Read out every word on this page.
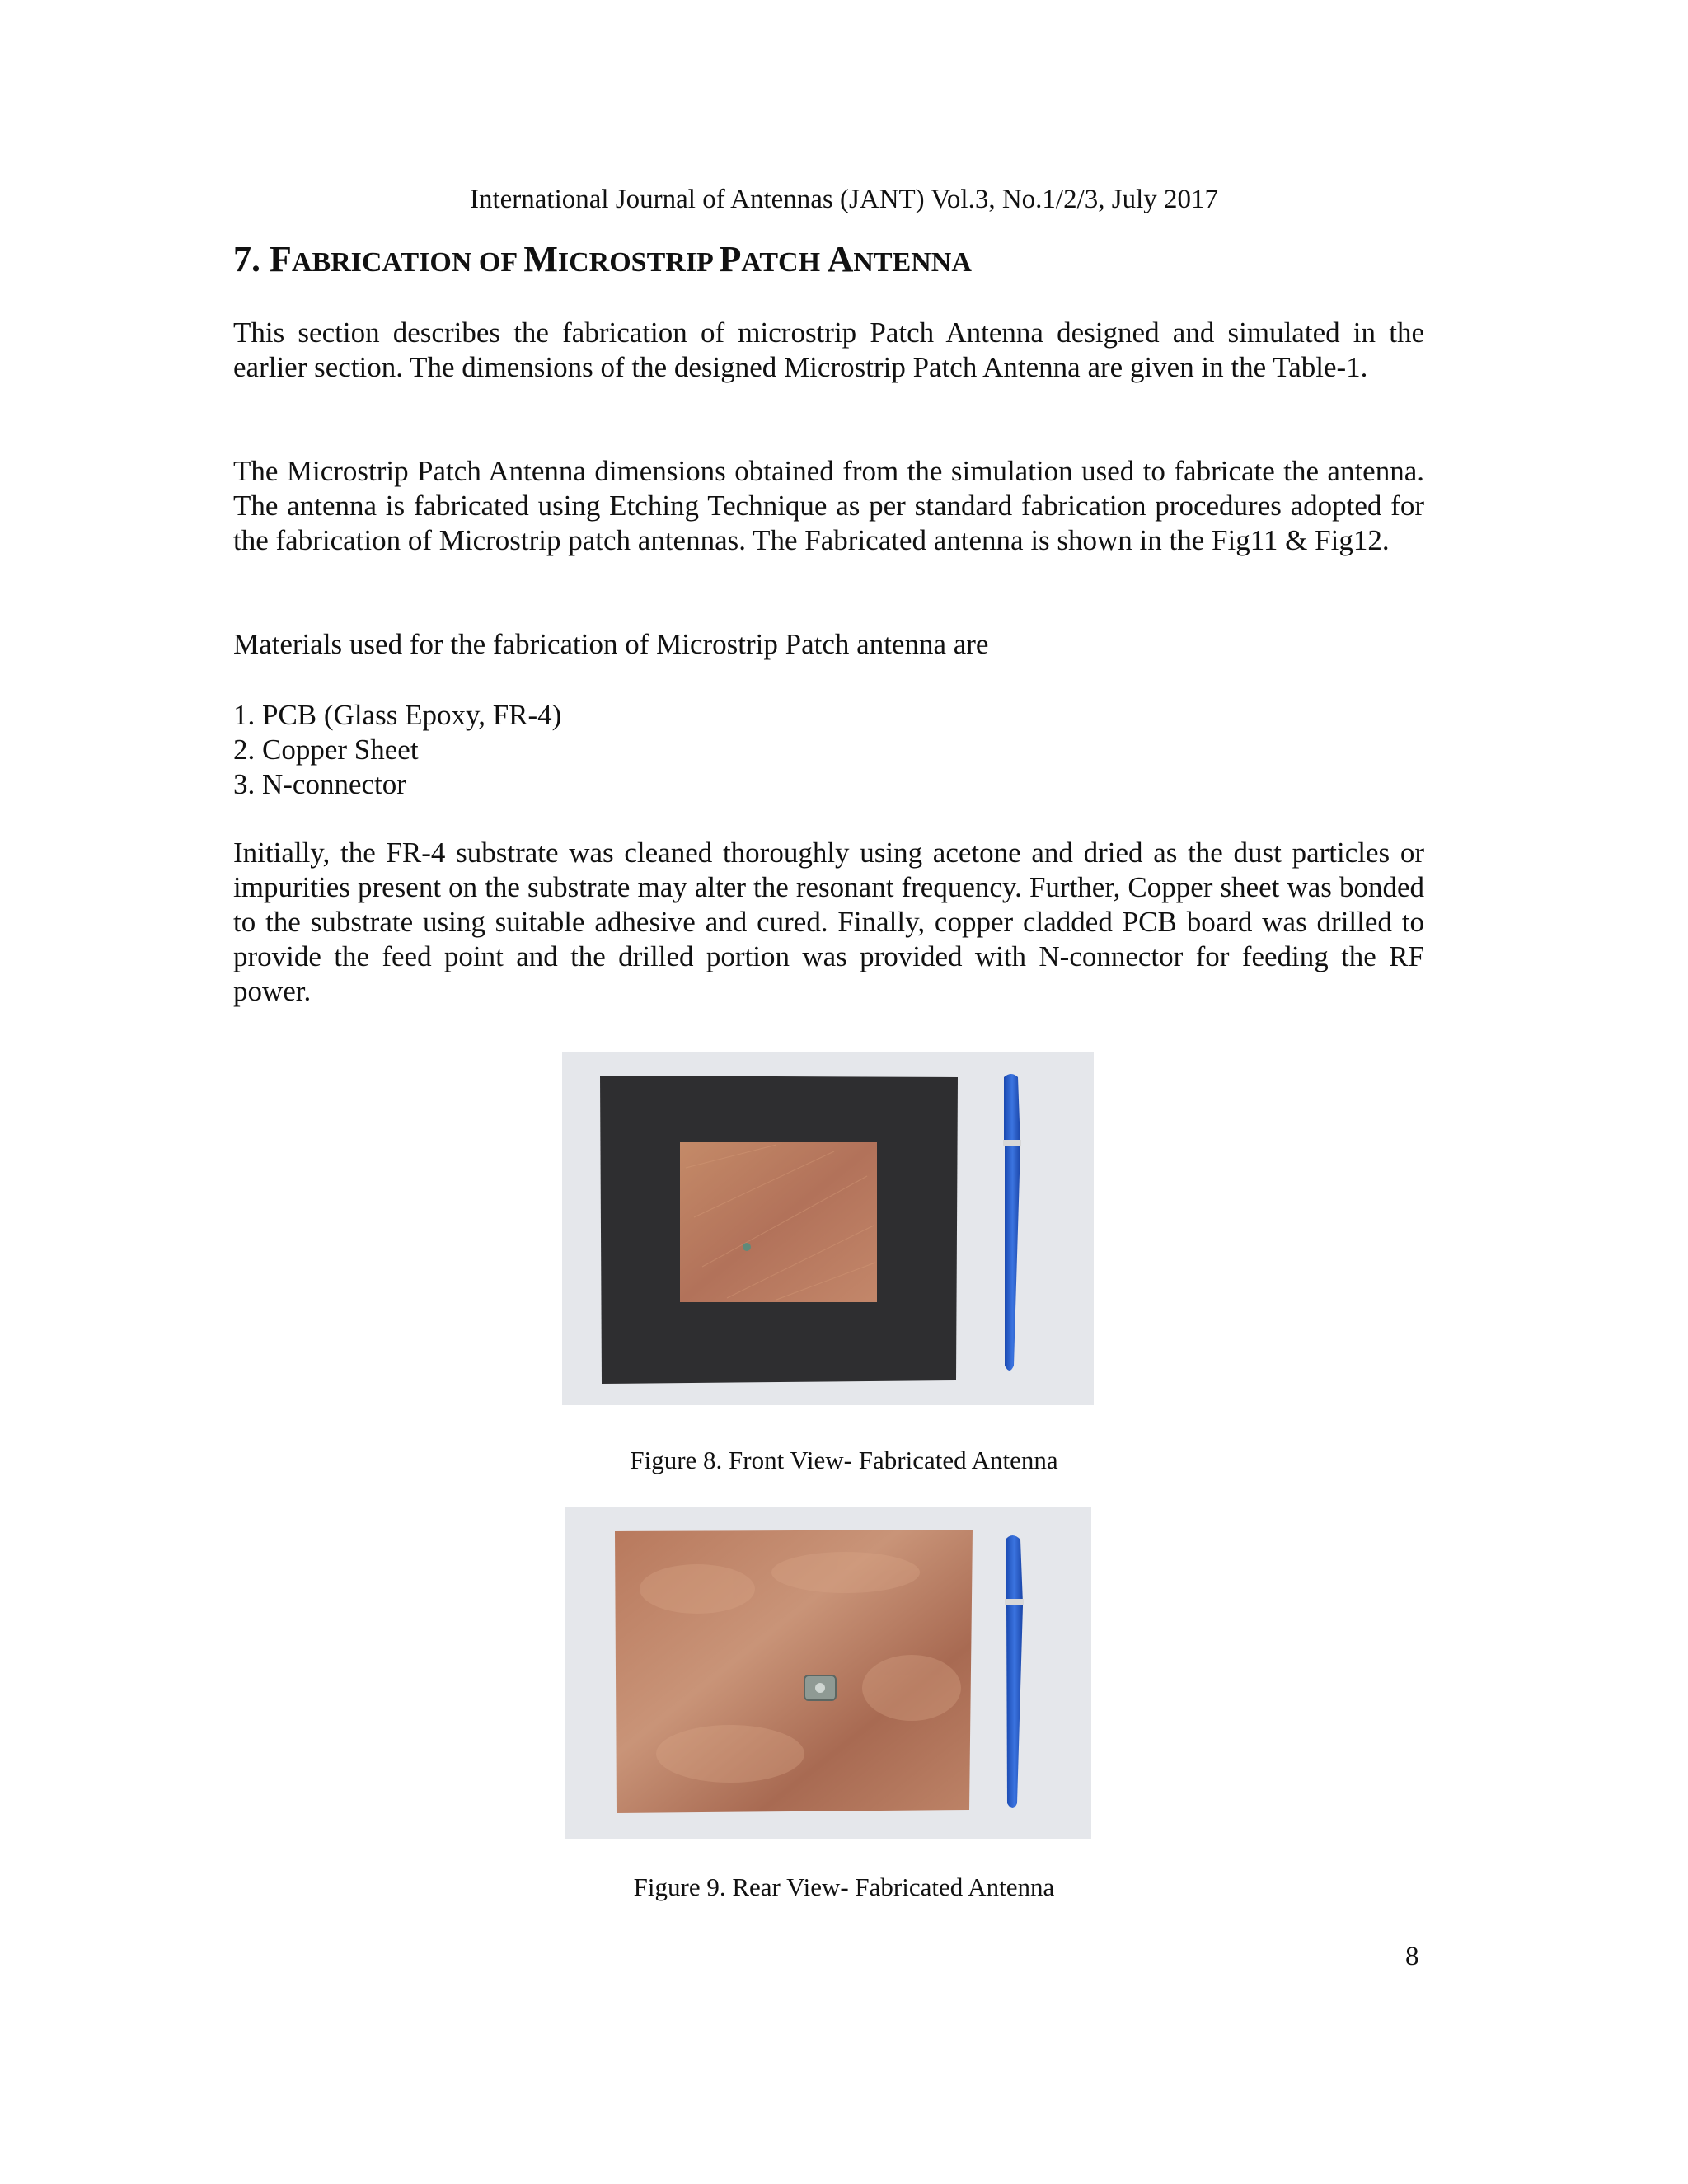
International Journal of Antennas (JANT) Vol.3, No.1/2/3, July 2017
7. FABRICATION OF MICROSTRIP PATCH ANTENNA

This section describes the fabrication of microstrip Patch Antenna designed and simulated in the earlier section. The dimensions of the designed Microstrip Patch Antenna are given in the Table-1.

The Microstrip Patch Antenna dimensions obtained from the simulation used to fabricate the antenna. The antenna is fabricated using Etching Technique as per standard fabrication procedures adopted for the fabrication of Microstrip patch antennas. The Fabricated antenna is shown in the Fig11 & Fig12.

Materials used for the fabrication of Microstrip Patch antenna are

1. PCB (Glass Epoxy, FR-4)
2. Copper Sheet
3. N-connector

Initially, the FR-4 substrate was cleaned thoroughly using acetone and dried as the dust particles or impurities present on the substrate may alter the resonant frequency. Further, Copper sheet was bonded to the substrate using suitable adhesive and cured. Finally, copper cladded PCB board was drilled to provide the feed point and the drilled portion was provided with N-connector for feeding the RF power.

Figure 8. Front View- Fabricated Antenna
Figure 9. Rear View- Fabricated Antenna
8
